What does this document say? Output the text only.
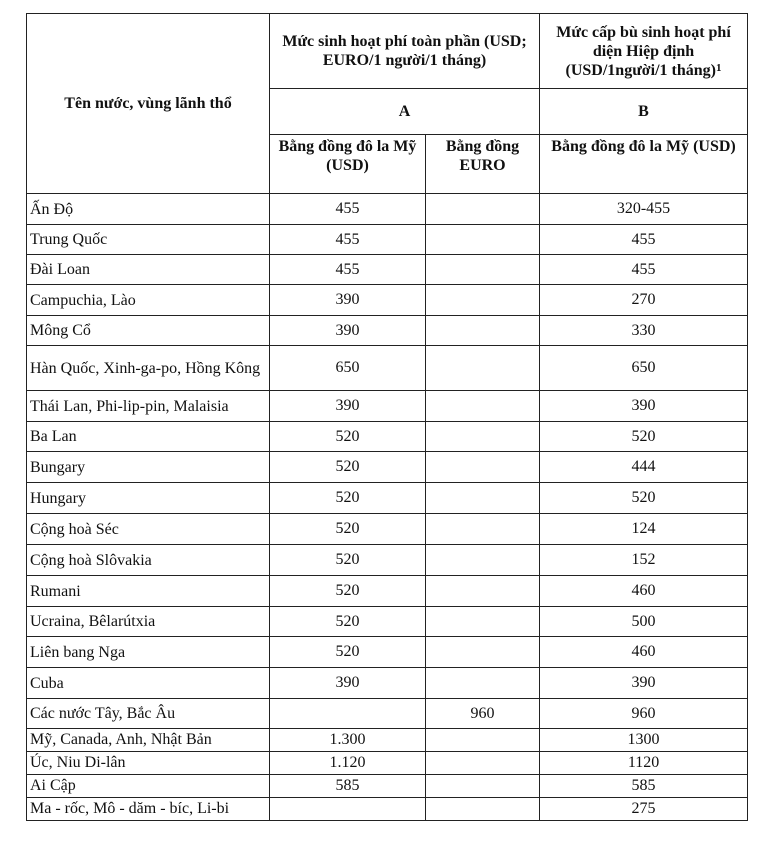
Tên nước, vùng lãnh thổ	Mức sinh hoạt phí toàn phần (USD; EURO/1 người/1 tháng)		Mức cấp bù sinh hoạt phí diện Hiệp định (USD/1người/1 tháng)$^1$
	A		B
	Bằng đồng đô la Mỹ (USD)	Bằng đồng EURO	Bằng đồng đô la Mỹ (USD)
Ấn Độ	455		320-455
Trung Quốc	455		455
Đài Loan	455		455
Campuchia, Lào	390		270
Mông Cổ	390		330
Hàn Quốc, Xinh-ga-po, Hồng Kông	650		650
Thái Lan, Phi-lip-pin, Malaisia	390		390
Ba Lan	520		520
Bungary	520		444
Hungary	520		520
Cộng hoà Séc	520		124
Cộng hoà Slôvakia	520		152
Rumani	520		460
Ucraina, Bêlarútxia	520		500
Liên bang Nga	520		460
Cuba	390		390
Các nước Tây, Bắc Âu		960	960
Mỹ, Canada, Anh, Nhật Bản	1.300		1300
Úc, Niu Di-lân	1.120		1120
Ai Cập	585		585
Ma - rốc, Mô - dăm - bíc, Li-bi			275
